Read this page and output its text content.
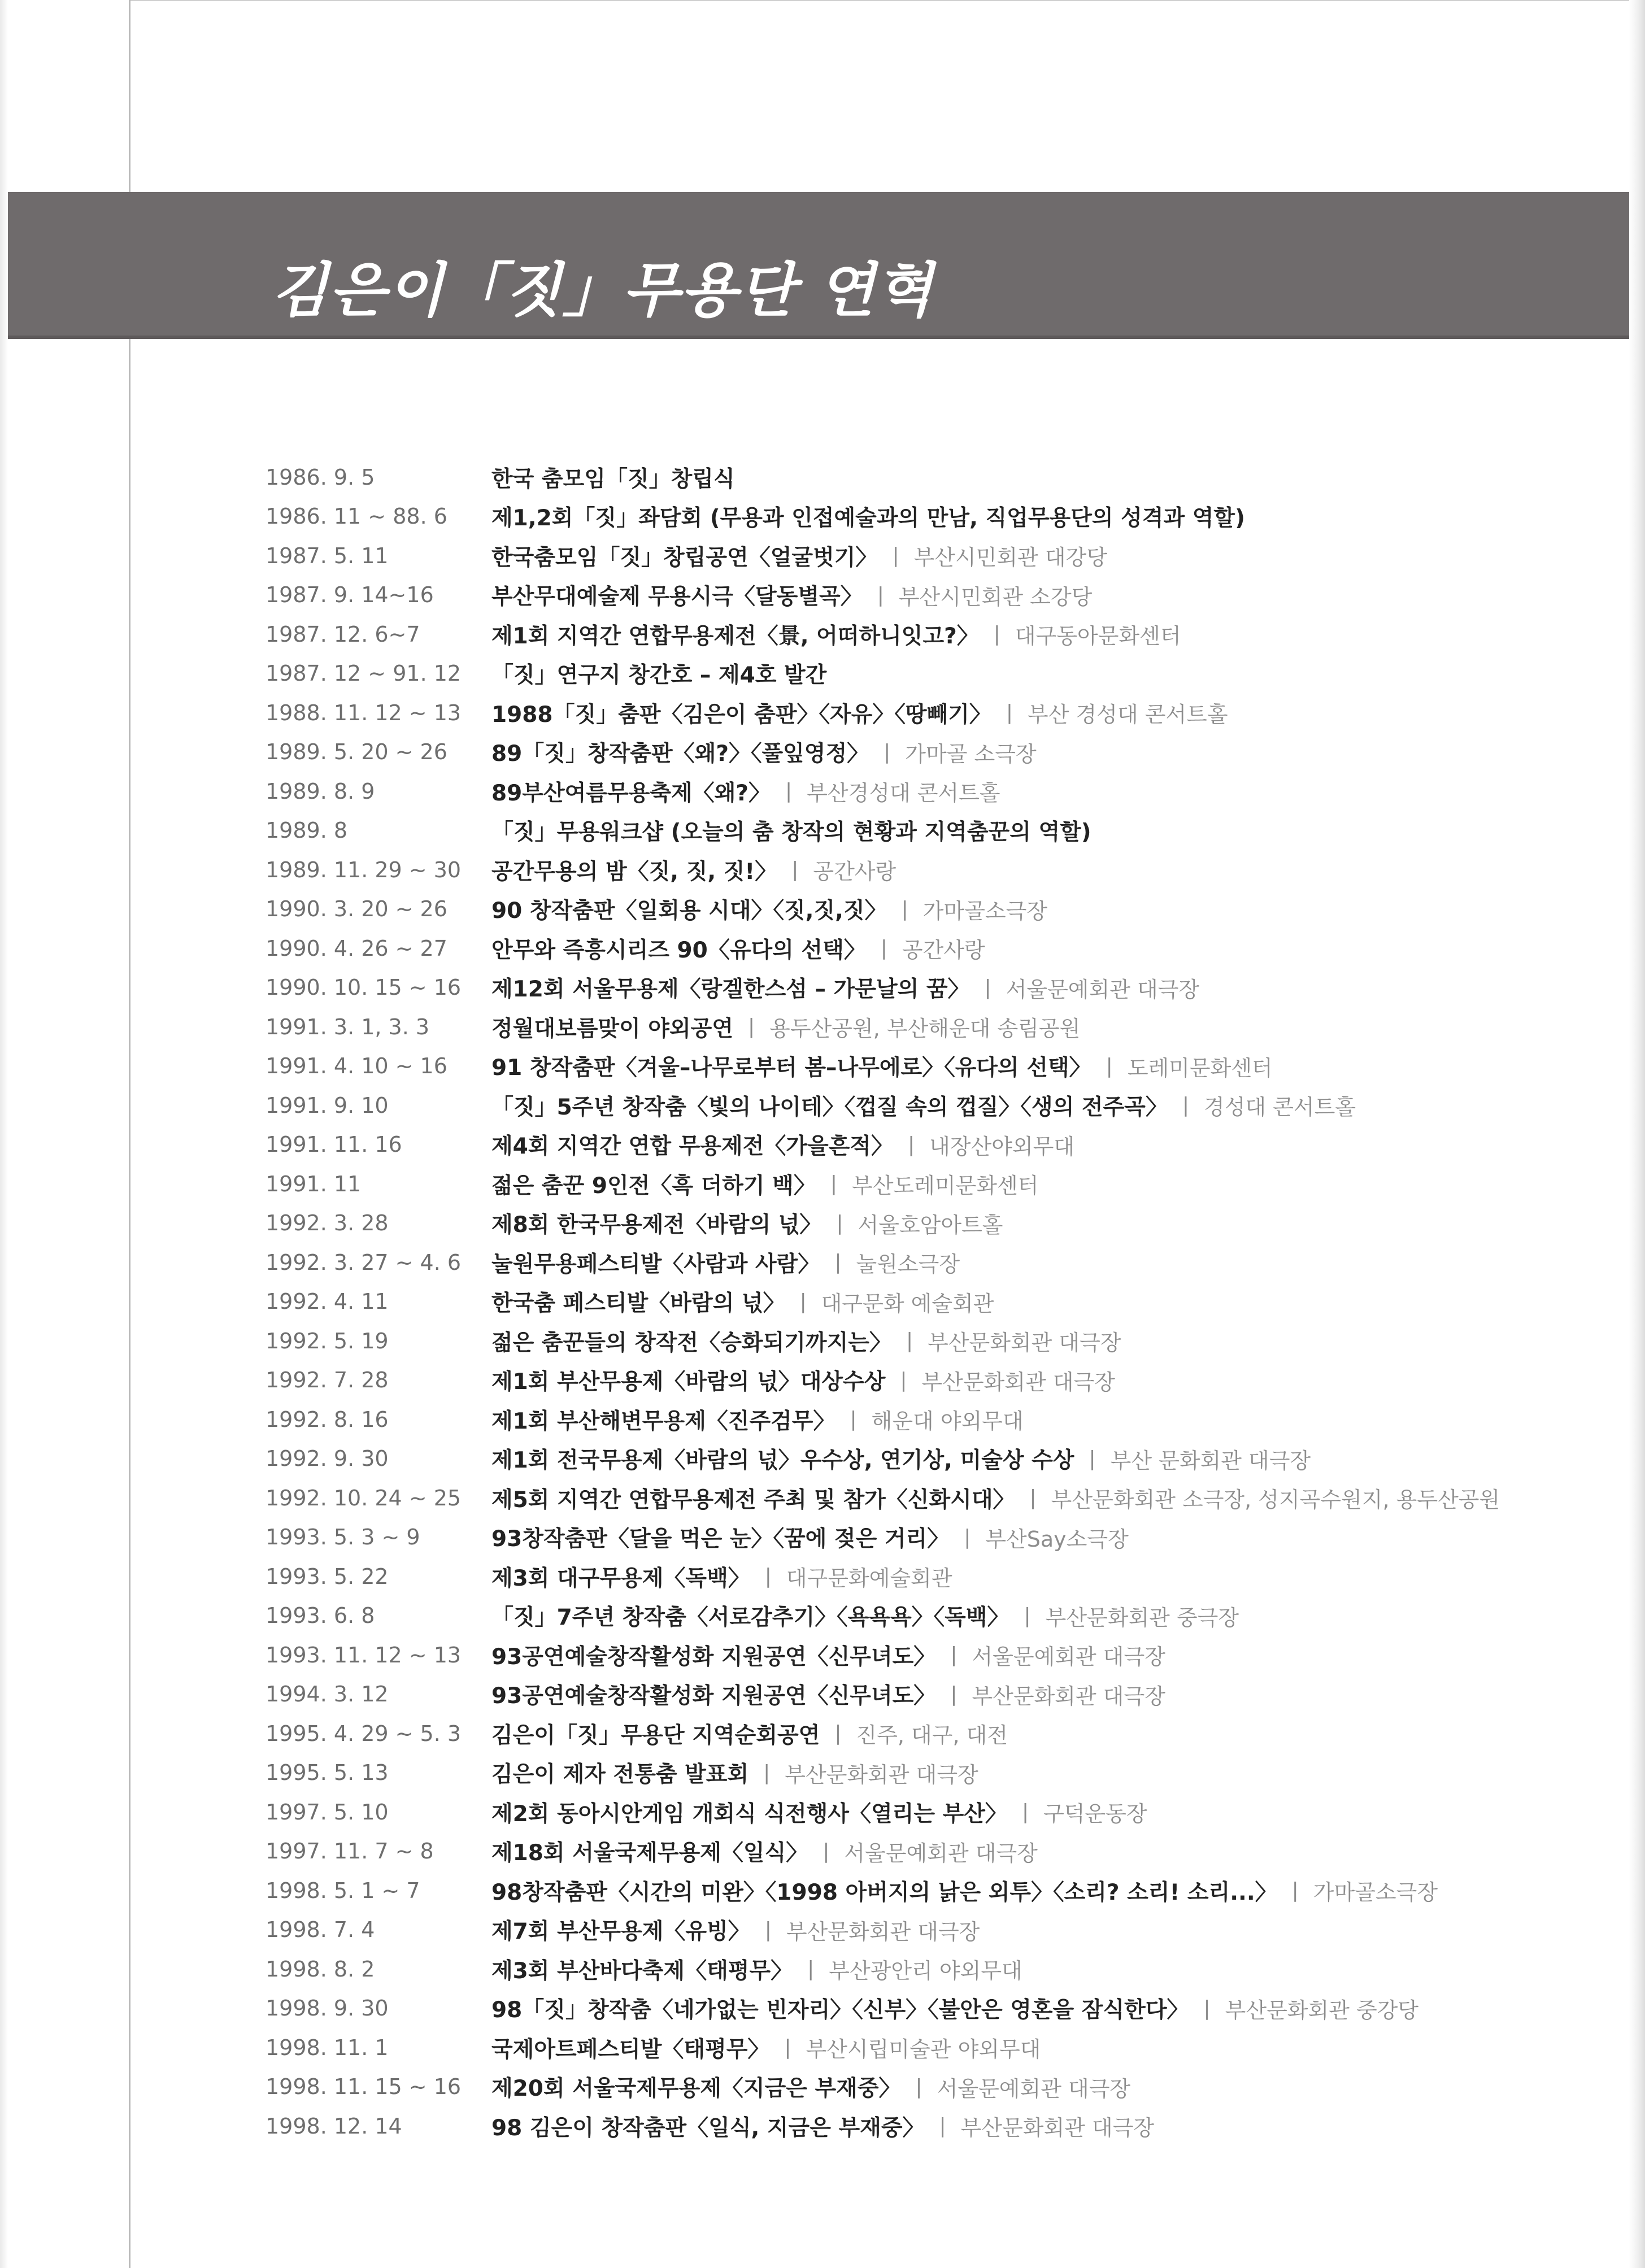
김은이「짓」무용단 연혁
1986. 9. 5	한국 춤모임「짓」창립식
1986. 11 ~ 88. 6	제1,2회「짓」좌담회 (무용과 인접예술과의 만남, 직업무용단의 성격과 역할)
1987. 5. 11	한국춤모임「짓」창립공연〈얼굴벗기〉 | 부산시민회관 대강당
1987. 9. 14~16	부산무대예술제 무용시극〈달동별곡〉 | 부산시민회관 소강당
1987. 12. 6~7	제1회 지역간 연합무용제전〈景, 어떠하니잇고?〉 | 대구동아문화센터
1987. 12 ~ 91. 12	「짓」연구지 창간호 – 제4호 발간
1988. 11. 12 ~ 13	1988「짓」춤판〈김은이 춤판〉〈자유〉〈땅빼기〉 | 부산 경성대 콘서트홀
1989. 5. 20 ~ 26	89「짓」창작춤판〈왜?〉〈풀잎영정〉 | 가마골 소극장
1989. 8. 9	89부산여름무용축제〈왜?〉 | 부산경성대 콘서트홀
1989. 8	「짓」무용워크샵 (오늘의 춤 창작의 현황과 지역춤꾼의 역할)
1989. 11. 29 ~ 30	공간무용의 밤〈짓, 짓, 짓!〉 | 공간사랑
1990. 3. 20 ~ 26	90 창작춤판〈일회용 시대〉〈짓,짓,짓〉 | 가마골소극장
1990. 4. 26 ~ 27	안무와 즉흥시리즈 90〈유다의 선택〉 | 공간사랑
1990. 10. 15 ~ 16	제12회 서울무용제〈랑겔한스섬 – 가문날의 꿈〉 | 서울문예회관 대극장
1991. 3. 1, 3. 3	정월대보름맞이 야외공연 | 용두산공원, 부산해운대 송림공원
1991. 4. 10 ~ 16	91 창작춤판〈겨울–나무로부터 봄–나무에로〉〈유다의 선택〉 | 도레미문화센터
1991. 9. 10	「짓」5주년 창작춤〈빛의 나이테〉〈껍질 속의 껍질〉〈생의 전주곡〉 | 경성대 콘서트홀
1991. 11. 16	제4회 지역간 연합 무용제전〈가을흔적〉 | 내장산야외무대
1991. 11	젊은 춤꾼 9인전〈흑 더하기 백〉 | 부산도레미문화센터
1992. 3. 28	제8회 한국무용제전〈바람의 넋〉 | 서울호암아트홀
1992. 3. 27 ~ 4. 6	눌원무용페스티발〈사람과 사람〉 | 눌원소극장
1992. 4. 11	한국춤 페스티발〈바람의 넋〉 | 대구문화 예술회관
1992. 5. 19	젊은 춤꾼들의 창작전〈승화되기까지는〉 | 부산문화회관 대극장
1992. 7. 28	제1회 부산무용제〈바람의 넋〉대상수상 | 부산문화회관 대극장
1992. 8. 16	제1회 부산해변무용제〈진주검무〉 | 해운대 야외무대
1992. 9. 30	제1회 전국무용제〈바람의 넋〉우수상, 연기상, 미술상 수상 | 부산 문화회관 대극장
1992. 10. 24 ~ 25	제5회 지역간 연합무용제전 주최 및 참가〈신화시대〉 | 부산문화회관 소극장, 성지곡수원지, 용두산공원
1993. 5. 3 ~ 9	93창작춤판〈달을 먹은 눈〉〈꿈에 젖은 거리〉 | 부산Say소극장
1993. 5. 22	제3회 대구무용제〈독백〉 | 대구문화예술회관
1993. 6. 8	「짓」7주년 창작춤〈서로감추기〉〈욕욕욕〉〈독백〉 | 부산문화회관 중극장
1993. 11. 12 ~ 13	93공연예술창작활성화 지원공연〈신무녀도〉 | 서울문예회관 대극장
1994. 3. 12	93공연예술창작활성화 지원공연〈신무녀도〉 | 부산문화회관 대극장
1995. 4. 29 ~ 5. 3	김은이「짓」무용단 지역순회공연 | 진주, 대구, 대전
1995. 5. 13	김은이 제자 전통춤 발표회 | 부산문화회관 대극장
1997. 5. 10	제2회 동아시안게임 개회식 식전행사〈열리는 부산〉 | 구덕운동장
1997. 11. 7 ~ 8	제18회 서울국제무용제〈일식〉 | 서울문예회관 대극장
1998. 5. 1 ~ 7	98창작춤판〈시간의 미완〉〈1998 아버지의 낡은 외투〉〈소리? 소리! 소리...〉 | 가마골소극장
1998. 7. 4	제7회 부산무용제〈유빙〉 | 부산문화회관 대극장
1998. 8. 2	제3회 부산바다축제〈태평무〉 | 부산광안리 야외무대
1998. 9. 30	98「짓」창작춤〈네가없는 빈자리〉〈신부〉〈불안은 영혼을 잠식한다〉 | 부산문화회관 중강당
1998. 11. 1	국제아트페스티발〈태평무〉 | 부산시립미술관 야외무대
1998. 11. 15 ~ 16	제20회 서울국제무용제〈지금은 부재중〉 | 서울문예회관 대극장
1998. 12. 14	98 김은이 창작춤판〈일식, 지금은 부재중〉 | 부산문화회관 대극장
